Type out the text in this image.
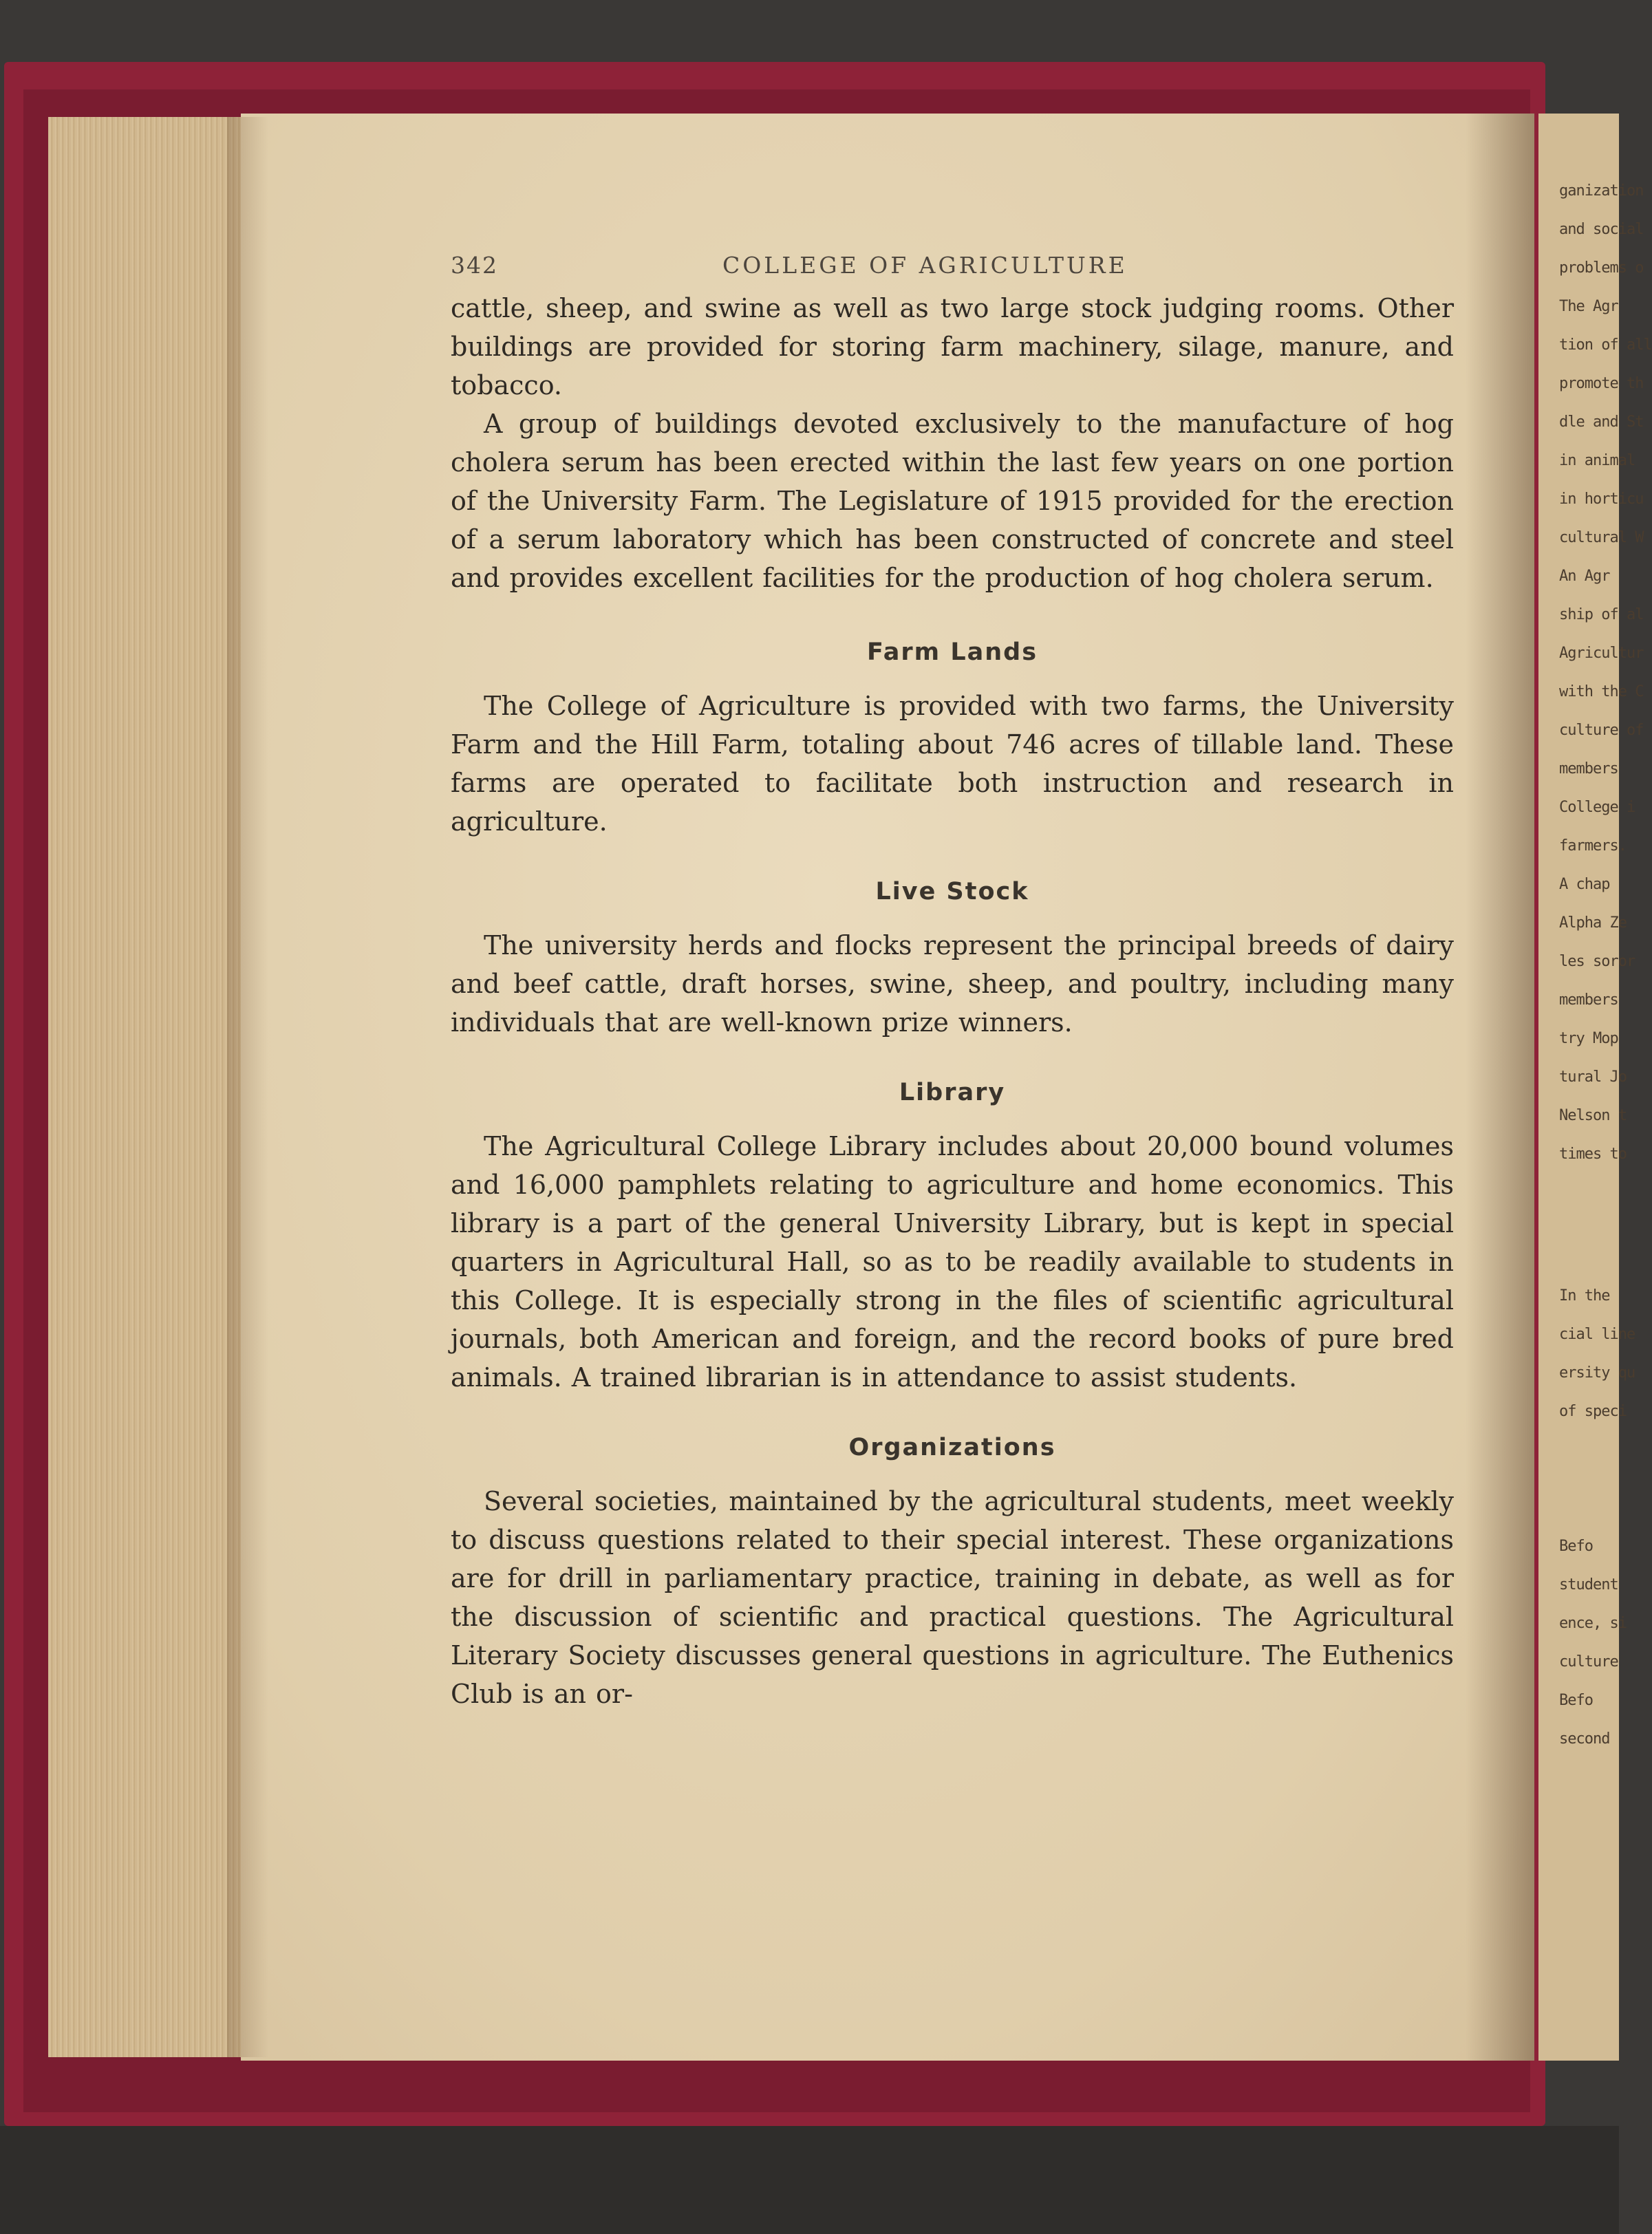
ganization
and social
problems o
The Agr
tion of all
promote th
dle and St
in animal
in horticu
cultural W
An Agr
ship of al
Agricultur
with the C
culture of
members
College i
farmers.
A chap
Alpha Ze
les soror
members
try Mop
tural Jo
Nelson t
times to
In the
cial line
ersity qu
of speci
Befo
student
ence, si
culture
Befo
second
342	COLLEGE OF AGRICULTURE

cattle, sheep, and swine as well as two large stock judging rooms. Other buildings are provided for storing farm machinery, silage, manure, and tobacco.

A group of buildings devoted exclusively to the manufacture of hog cholera serum has been erected within the last few years on one portion of the University Farm. The Legislature of 1915 provided for the erection of a serum laboratory which has been constructed of concrete and steel and provides excellent facilities for the production of hog cholera serum.

Farm Lands

The College of Agriculture is provided with two farms, the University Farm and the Hill Farm, totaling about 746 acres of tillable land. These farms are operated to facilitate both instruction and research in agriculture.

Live Stock

The university herds and flocks represent the principal breeds of dairy and beef cattle, draft horses, swine, sheep, and poultry, including many individuals that are well-known prize winners.

Library

The Agricultural College Library includes about 20,000 bound volumes and 16,000 pamphlets relating to agriculture and home economics. This library is a part of the general University Library, but is kept in special quarters in Agricultural Hall, so as to be readily available to students in this College. It is especially strong in the files of scientific agricultural journals, both American and foreign, and the record books of pure bred animals. A trained librarian is in attendance to assist students.

Organizations

Several societies, maintained by the agricultural students, meet weekly to discuss questions related to their special interest. These organizations are for drill in parliamentary practice, training in debate, as well as for the discussion of scientific and practical questions. The Agricultural Literary Society discusses general questions in agriculture. The Euthenics Club is an or-
